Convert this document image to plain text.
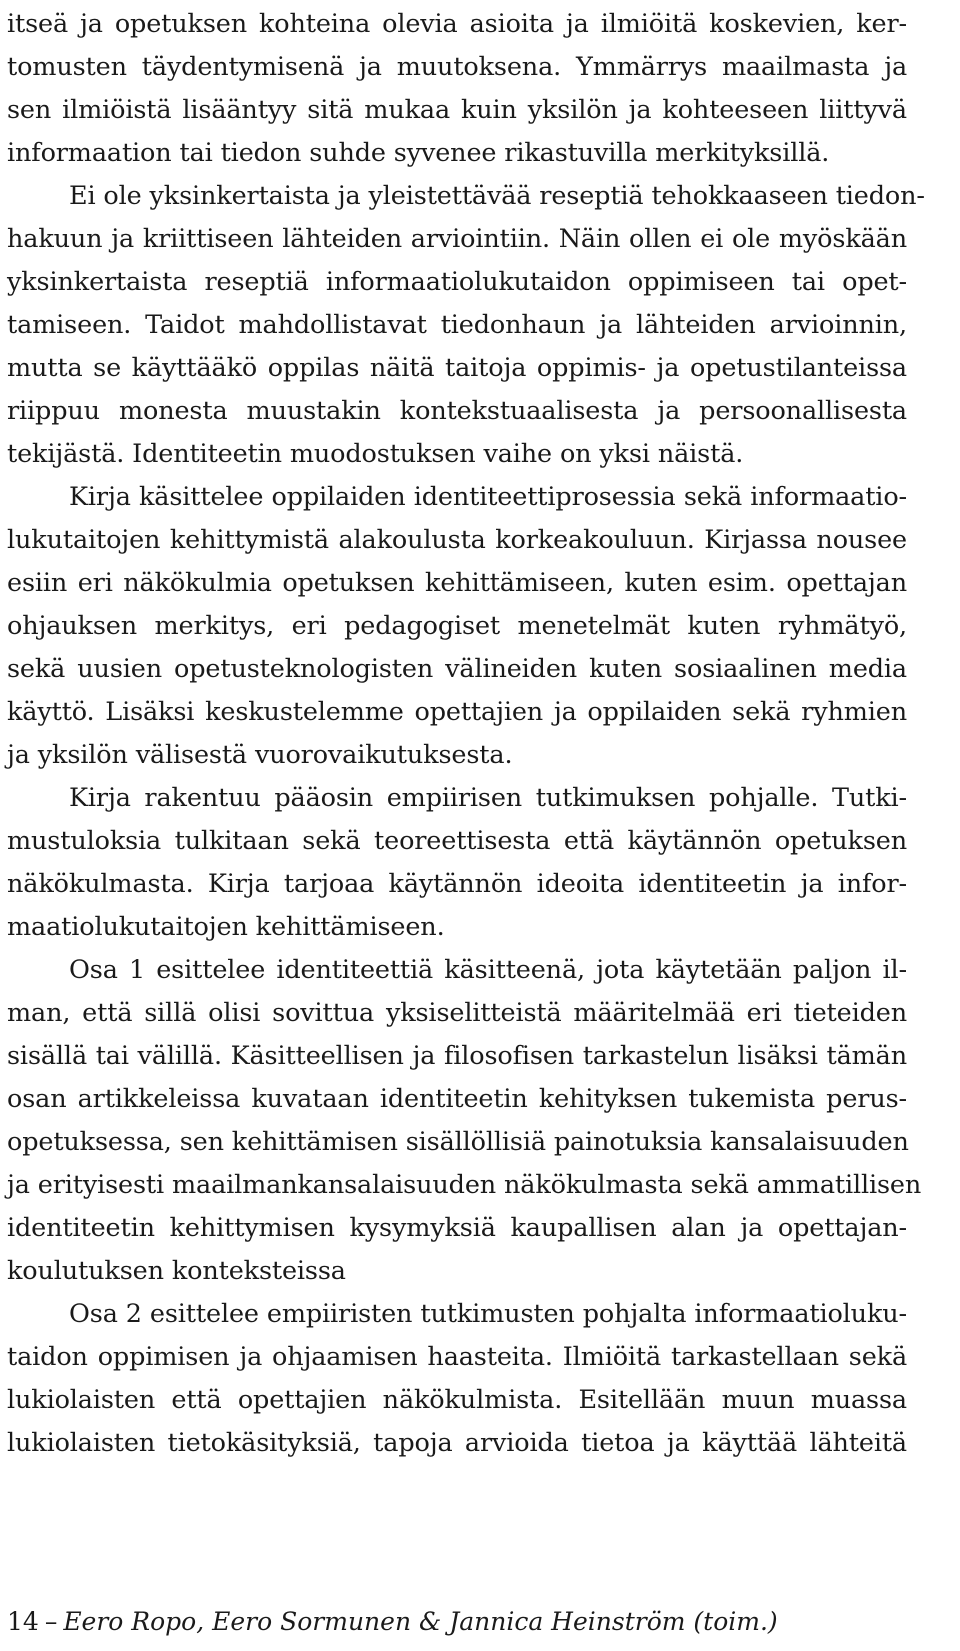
itseä ja opetuksen kohteina olevia asioita ja ilmiöitä koskevien, ker-
tomusten täydentymisenä ja muutoksena. Ymmärrys maailmasta ja
sen ilmiöistä lisääntyy sitä mukaa kuin yksilön ja kohteeseen liittyvä
informaation tai tiedon suhde syvenee rikastuvilla merkityksillä.
Ei ole yksinkertaista ja yleistettävää reseptiä tehokkaaseen tiedon-
hakuun ja kriittiseen lähteiden arviointiin. Näin ollen ei ole myöskään
yksinkertaista reseptiä informaatiolukutaidon oppimiseen tai opet-
tamiseen. Taidot mahdollistavat tiedonhaun ja lähteiden arvioinnin,
mutta se käyttääkö oppilas näitä taitoja oppimis- ja opetustilanteissa
riippuu monesta muustakin kontekstuaalisesta ja persoonallisesta
tekijästä. Identiteetin muodostuksen vaihe on yksi näistä.
Kirja käsittelee oppilaiden identiteettiprosessia sekä informaatio-
lukutaitojen kehittymistä alakoulusta korkeakouluun. Kirjassa nousee
esiin eri näkökulmia opetuksen kehittämiseen, kuten esim. opettajan
ohjauksen merkitys, eri pedagogiset menetelmät kuten ryhmätyö,
sekä uusien opetusteknologisten välineiden kuten sosiaalinen media
käyttö. Lisäksi keskustelemme opettajien ja oppilaiden sekä ryhmien
ja yksilön välisestä vuorovaikutuksesta.
Kirja rakentuu pääosin empiirisen tutkimuksen pohjalle. Tutki-
mustuloksia tulkitaan sekä teoreettisesta että käytännön opetuksen
näkökulmasta. Kirja tarjoaa käytännön ideoita identiteetin ja infor-
maatiolukutaitojen kehittämiseen.
Osa 1 esittelee identiteettiä käsitteenä, jota käytetään paljon il-
man, että sillä olisi sovittua yksiselitteistä määritelmää eri tieteiden
sisällä tai välillä. Käsitteellisen ja filosofisen tarkastelun lisäksi tämän
osan artikkeleissa kuvataan identiteetin kehityksen tukemista perus-
opetuksessa, sen kehittämisen sisällöllisiä painotuksia kansalaisuuden
ja erityisesti maailmankansalaisuuden näkökulmasta sekä ammatillisen
identiteetin kehittymisen kysymyksiä kaupallisen alan ja opettajan-
koulutuksen konteksteissa
Osa 2 esittelee empiiristen tutkimusten pohjalta informaatioluku-
taidon oppimisen ja ohjaamisen haasteita. Ilmiöitä tarkastellaan sekä
lukiolaisten että opettajien näkökulmista. Esitellään muun muassa
lukiolaisten tietokäsityksiä, tapoja arvioida tietoa ja käyttää lähteitä
14 – Eero Ropo, Eero Sormunen & Jannica Heinström (toim.)
